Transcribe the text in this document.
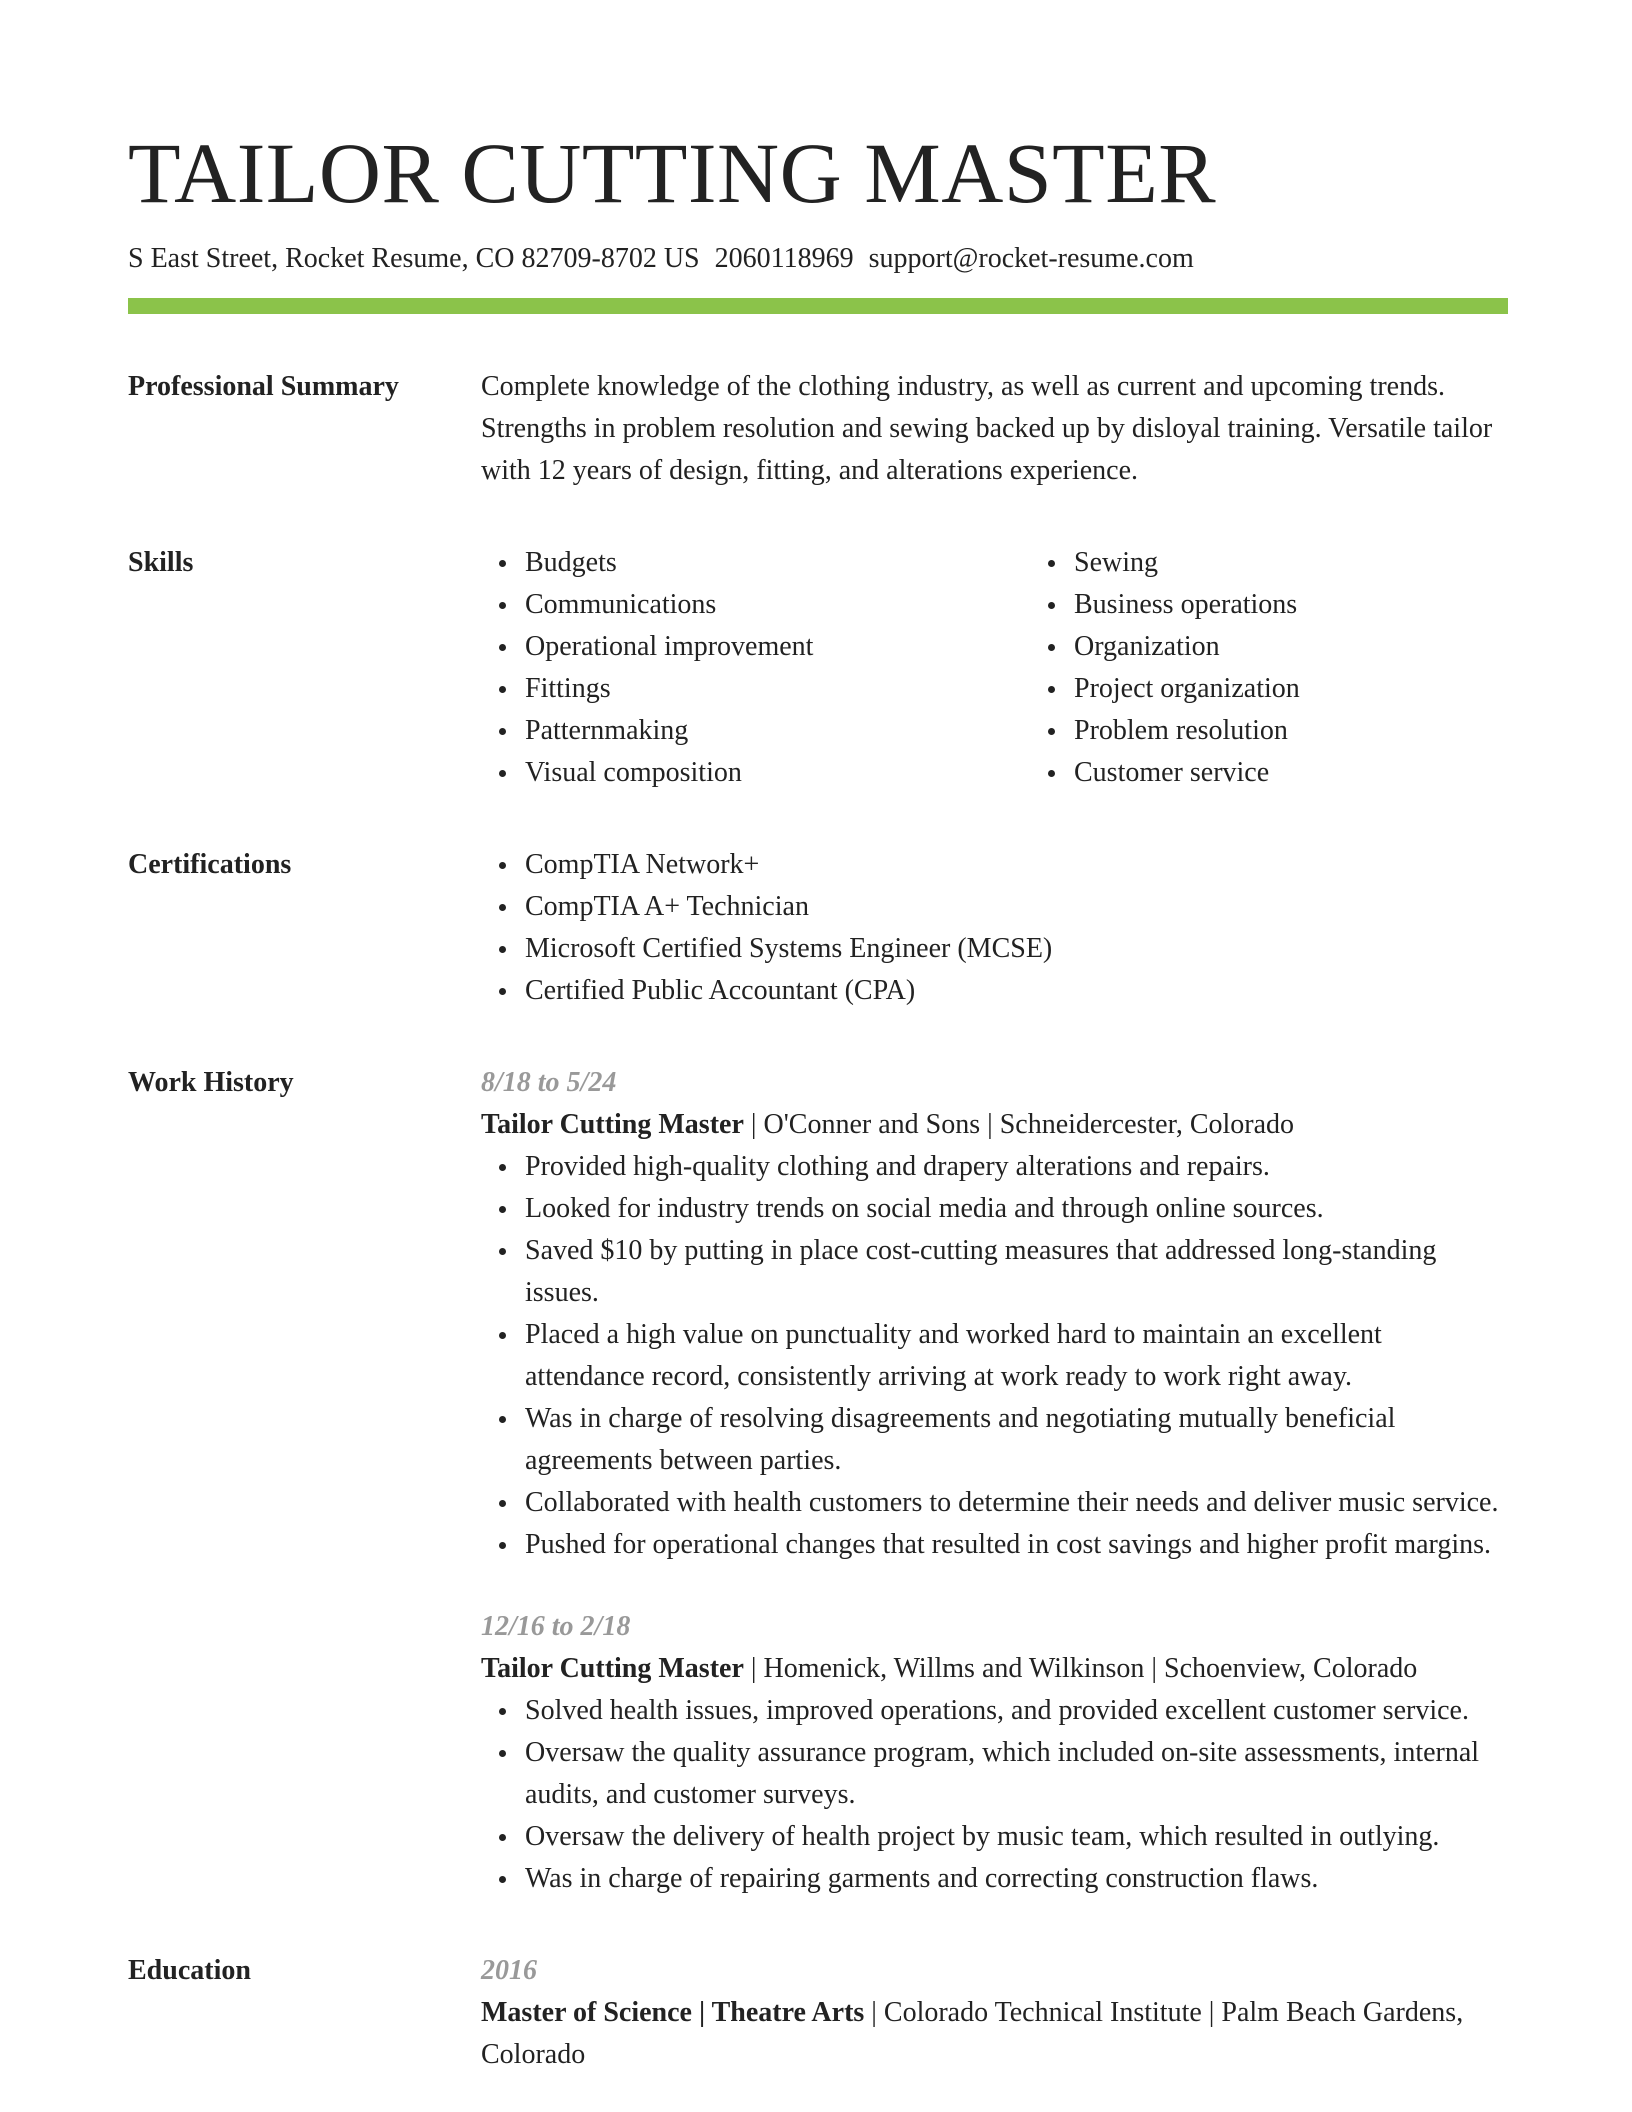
TAILOR CUTTING MASTER
S East Street, Rocket Resume, CO 82709-8702 US 2060118969 support@rocket-resume.com
Professional Summary	Complete knowledge of the clothing industry, as well as current and upcoming trends. Strengths in problem resolution and sewing backed up by disloyal training. Versatile tailor with 12 years of design, fitting, and alterations experience.

Skills	Budgets
Communications
Operational improvement
Fittings
Patternmaking
Visual composition
Sewing
Business operations
Organization
Project organization
Problem resolution
Customer service
Certifications	CompTIA Network+
CompTIA A+ Technician
Microsoft Certified Systems Engineer (MCSE)
Certified Public Accountant (CPA)
Work History	8/18 to 5/24
Tailor Cutting Master | O'Conner and Sons | Schneidercester, Colorado
Provided high-quality clothing and drapery alterations and repairs.
Looked for industry trends on social media and through online sources.
Saved $10 by putting in place cost-cutting measures that addressed long-standing issues.
Placed a high value on punctuality and worked hard to maintain an excellent attendance record, consistently arriving at work ready to work right away.
Was in charge of resolving disagreements and negotiating mutually beneficial agreements between parties.
Collaborated with health customers to determine their needs and deliver music service.
Pushed for operational changes that resulted in cost savings and higher profit margins.
12/16 to 2/18
Tailor Cutting Master | Homenick, Willms and Wilkinson | Schoenview, Colorado
Solved health issues, improved operations, and provided excellent customer service.
Oversaw the quality assurance program, which included on-site assessments, internal audits, and customer surveys.
Oversaw the delivery of health project by music team, which resulted in outlying.
Was in charge of repairing garments and correcting construction flaws.
Education	2016
Master of Science | Theatre Arts | Colorado Technical Institute | Palm Beach Gardens, Colorado
